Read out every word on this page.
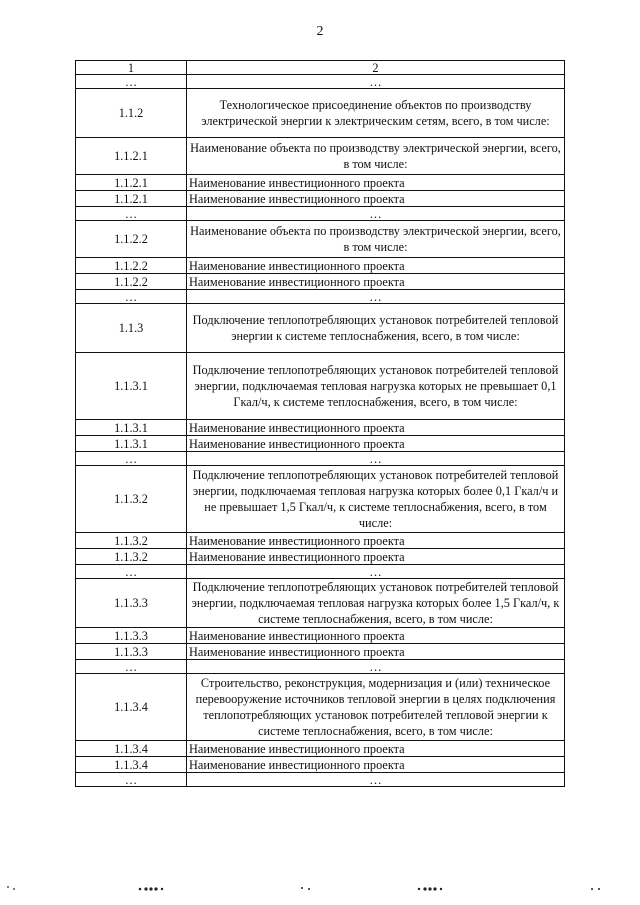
2
1	2
…	…
1.1.2	Технологическое присоединение объектов по производству электрической энергии к электрическим сетям, всего, в том числе:
1.1.2.1	Наименование объекта по производству электрической энергии, всего, в том числе:
1.1.2.1	Наименование инвестиционного проекта
1.1.2.1	Наименование инвестиционного проекта
…	…
1.1.2.2	Наименование объекта по производству электрической энергии, всего, в том числе:
1.1.2.2	Наименование инвестиционного проекта
1.1.2.2	Наименование инвестиционного проекта
…	…
1.1.3	Подключение теплопотребляющих установок потребителей тепловой энергии к системе теплоснабжения, всего, в том числе:
1.1.3.1	Подключение теплопотребляющих установок потребителей тепловой энергии, подключаемая тепловая нагрузка которых не превышает 0,1 Гкал/ч, к системе теплоснабжения, всего, в том числе:
1.1.3.1	Наименование инвестиционного проекта
1.1.3.1	Наименование инвестиционного проекта
…	…
1.1.3.2	Подключение теплопотребляющих установок потребителей тепловой энергии, подключаемая тепловая нагрузка которых более 0,1 Гкал/ч и не превышает 1,5 Гкал/ч, к системе теплоснабжения, всего, в том числе:
1.1.3.2	Наименование инвестиционного проекта
1.1.3.2	Наименование инвестиционного проекта
…	…
1.1.3.3	Подключение теплопотребляющих установок потребителей тепловой энергии, подключаемая тепловая нагрузка которых более 1,5 Гкал/ч, к системе теплоснабжения, всего, в том числе:
1.1.3.3	Наименование инвестиционного проекта
1.1.3.3	Наименование инвестиционного проекта
…	…
1.1.3.4	Строительство, реконструкция, модернизация и (или) техническое перевооружение источников тепловой энергии в целях подключения теплопотребляющих установок потребителей тепловой энергии к системе теплоснабжения, всего, в том числе:
1.1.3.4	Наименование инвестиционного проекта
1.1.3.4	Наименование инвестиционного проекта
…	…
